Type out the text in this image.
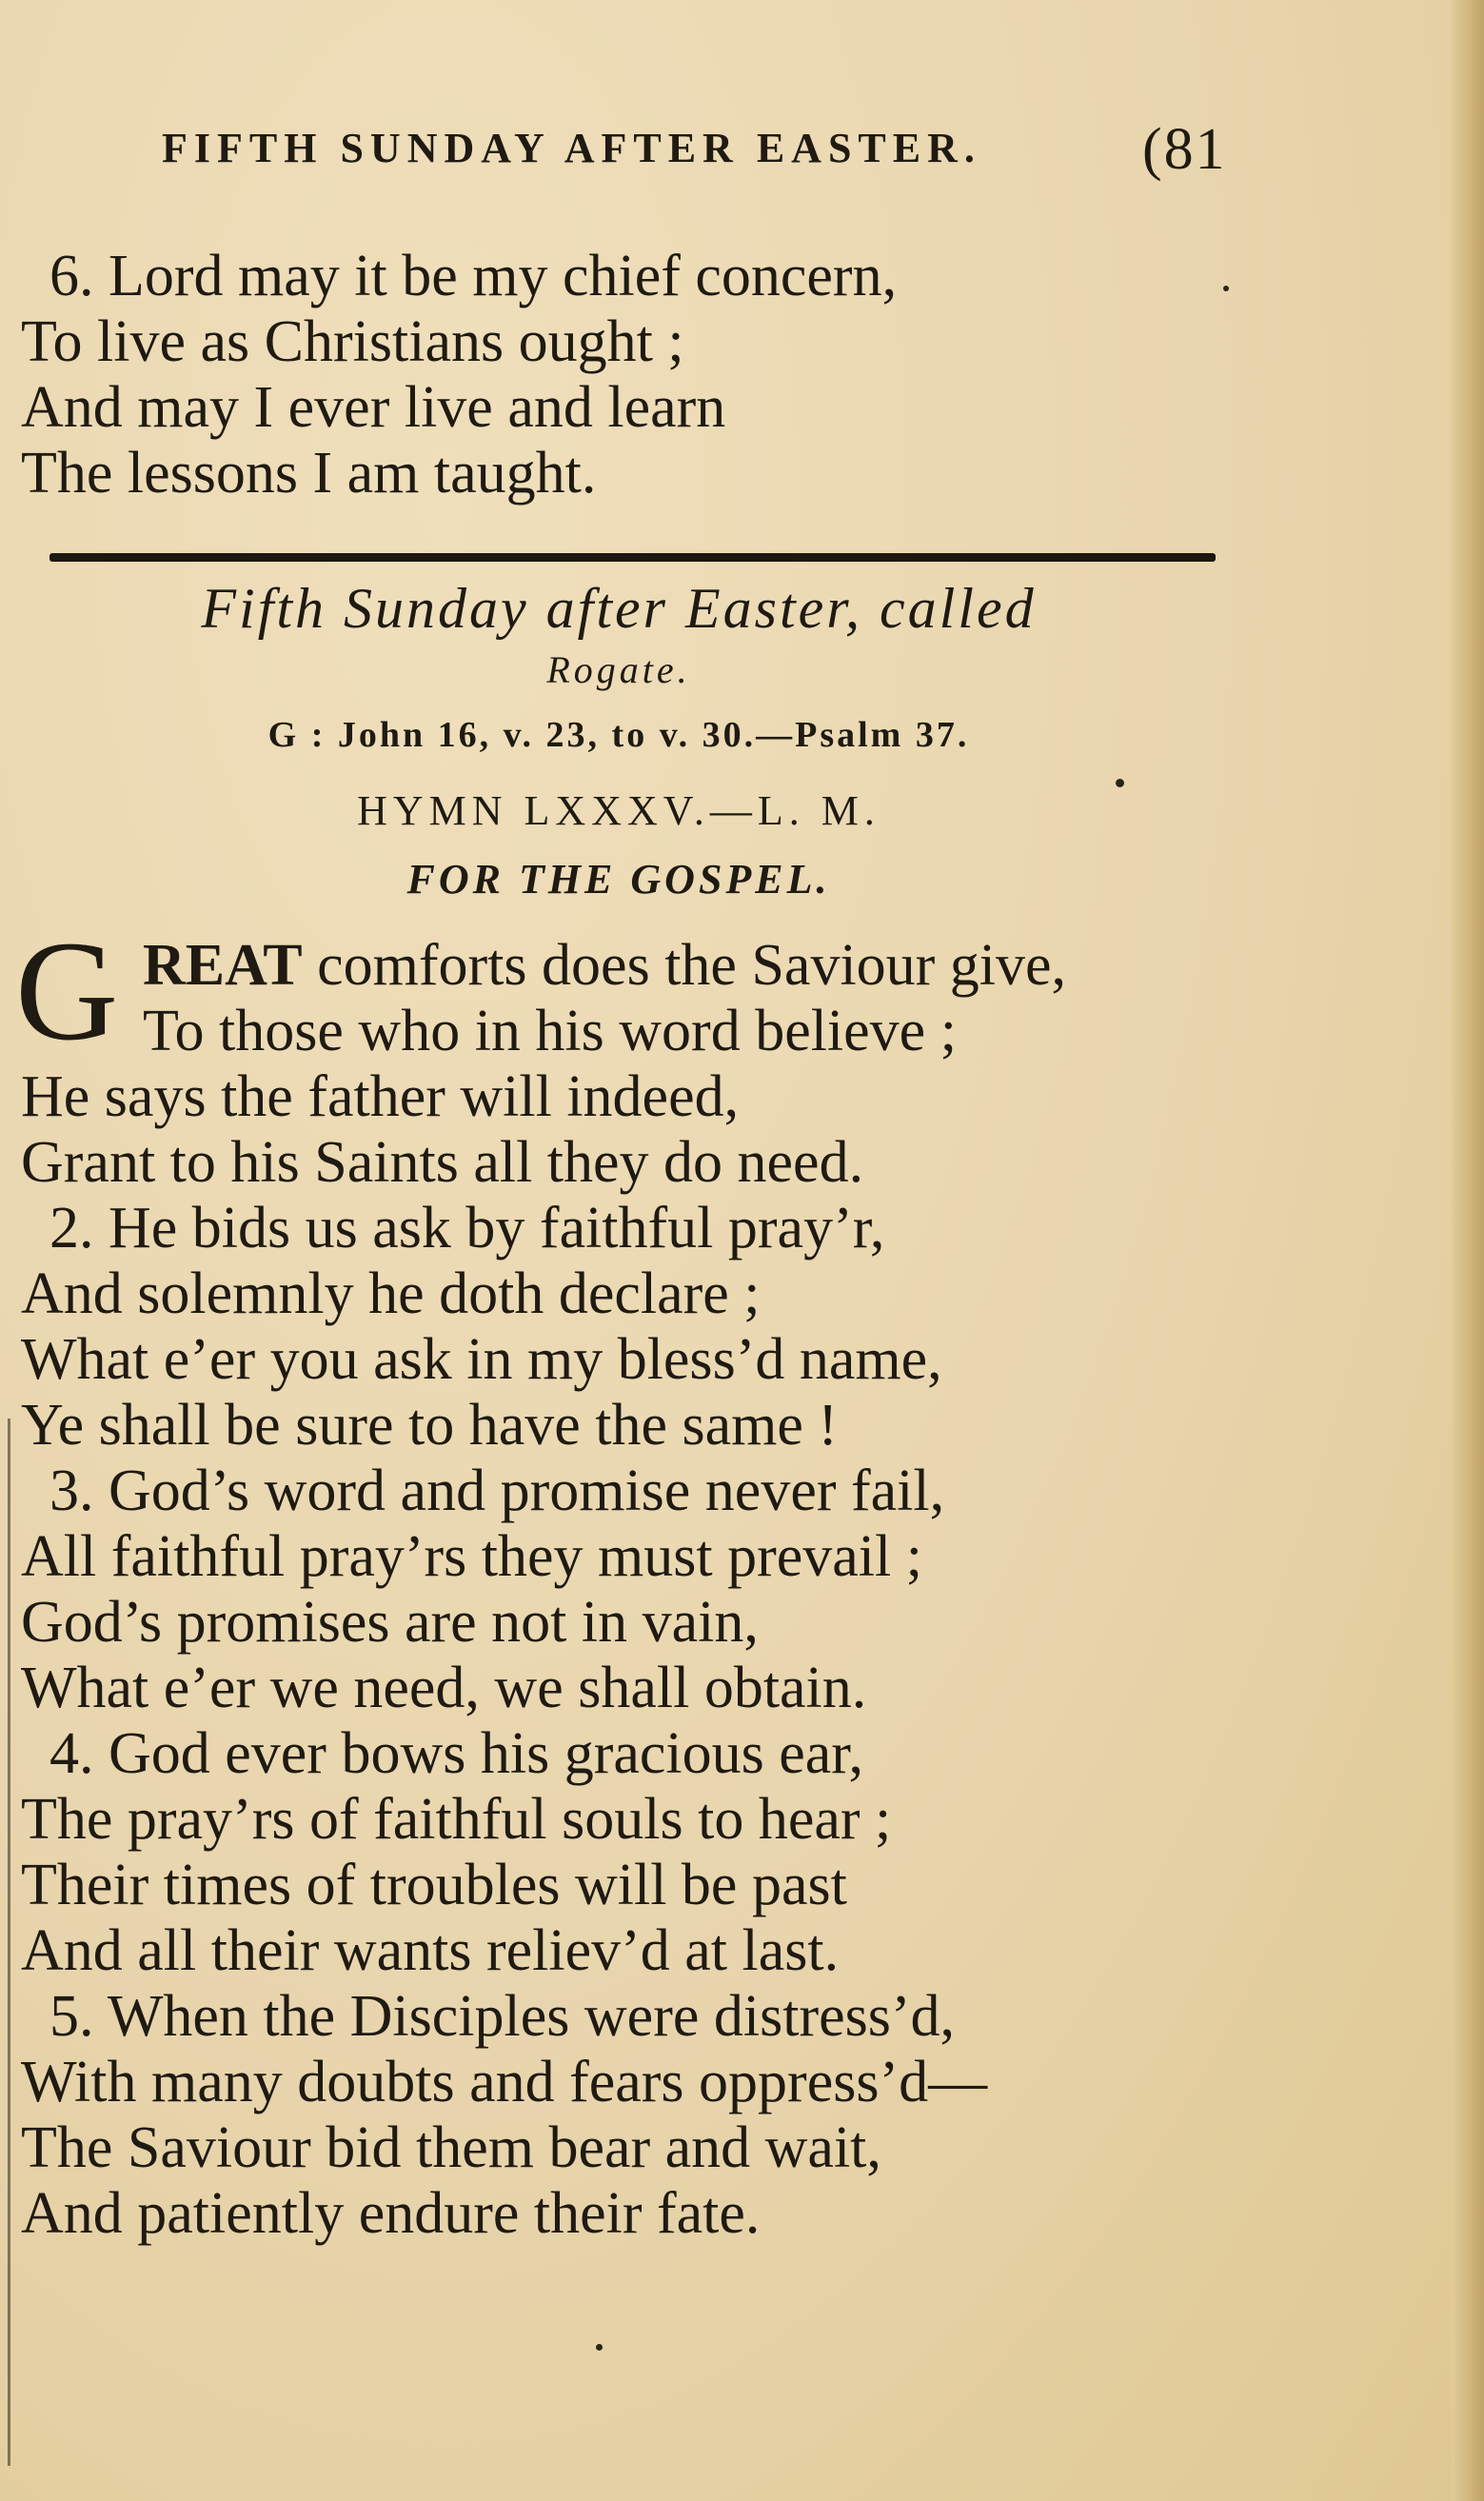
FIFTH SUNDAY AFTER EASTER.	(81
6. Lord may it be my chief concern,
To live as Christians ought ;
And may I ever live and learn
The lessons I am taught.
Fifth Sunday after Easter, called
Rogate.
G : John 16, v. 23, to v. 30.—Psalm 37.
HYMN LXXXV.—L. M.
FOR THE GOSPEL.
G REAT comforts does the Saviour give,
To those who in his word believe ;
He says the father will indeed,
Grant to his Saints all they do need.
2. He bids us ask by faithful pray’r,
And solemnly he doth declare ;
What e’er you ask in my bless’d name,
Ye shall be sure to have the same !
3. God’s word and promise never fail,
All faithful pray’rs they must prevail ;
God’s promises are not in vain,
What e’er we need, we shall obtain.
4. God ever bows his gracious ear,
The pray’rs of faithful souls to hear ;
Their times of troubles will be past
And all their wants reliev’d at last.
5. When the Disciples were distress’d,
With many doubts and fears oppress’d—
The Saviour bid them bear and wait,
And patiently endure their fate.
